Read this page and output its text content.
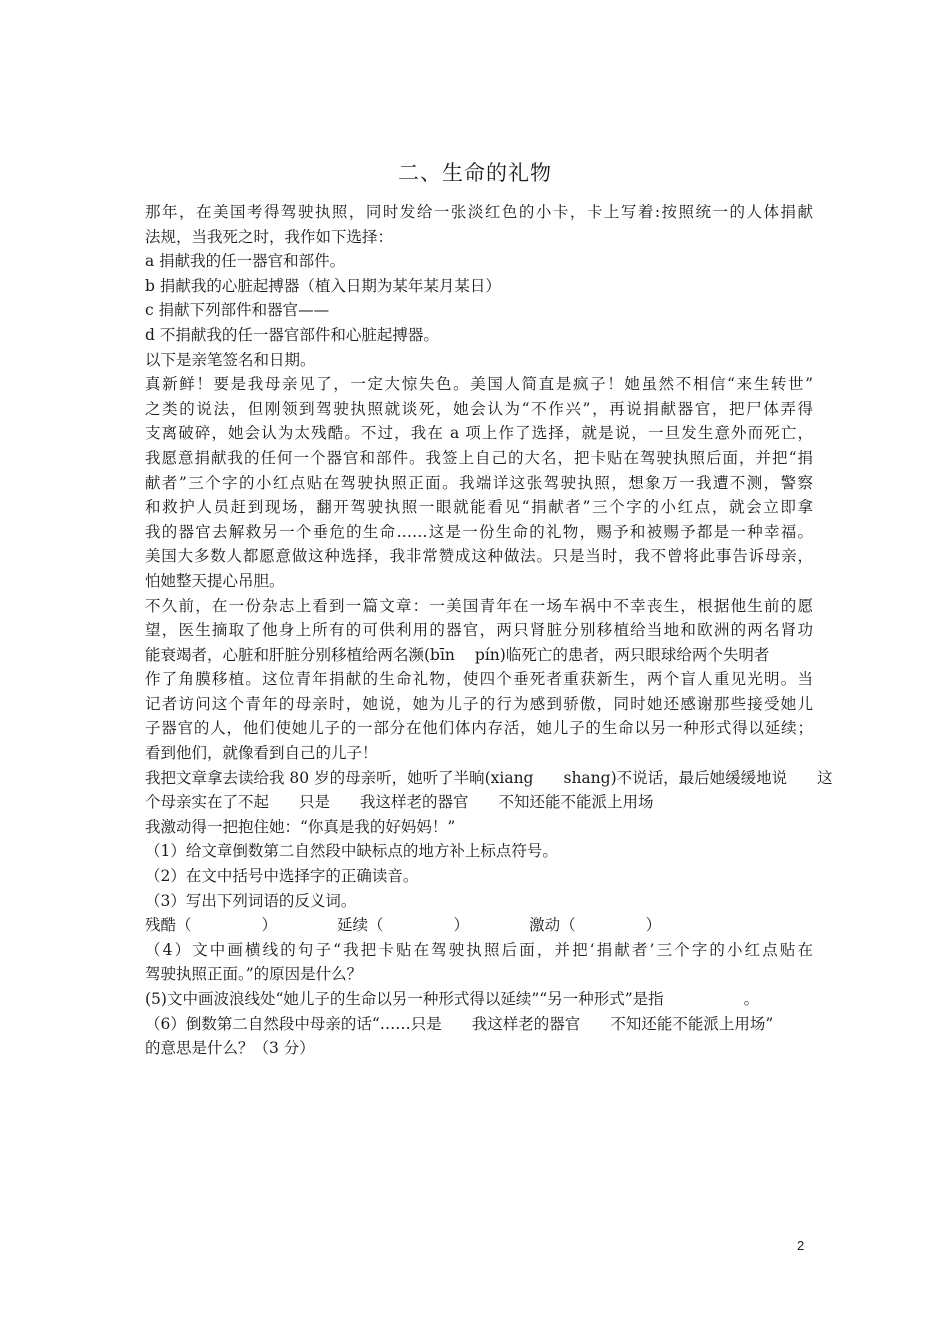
二、生命的礼物
那年，在美国考得驾驶执照，同时发给一张淡红色的小卡，卡上写着:按照统一的人体捐献
法规，当我死之时，我作如下选择：
a 捐献我的任一器官和部件。
b 捐献我的心脏起搏器（植入日期为某年某月某日）
c 捐献下列部件和器官——
d 不捐献我的任一器官部件和心脏起搏器。
以下是亲笔签名和日期。
真新鲜！要是我母亲见了，一定大惊失色。美国人简直是疯子！她虽然不相信“来生转世”
之类的说法，但刚领到驾驶执照就谈死，她会认为“不作兴”，再说捐献器官，把尸体弄得
支离破碎，她会认为太残酷。不过，我在 a 项上作了选择，就是说，一旦发生意外而死亡，
我愿意捐献我的任何一个器官和部件。我签上自己的大名，把卡贴在驾驶执照后面，并把“捐
献者”三个字的小红点贴在驾驶执照正面。我端详这张驾驶执照，想象万一我遭不测，警察
和救护人员赶到现场，翻开驾驶执照一眼就能看见“捐献者”三个字的小红点，就会立即拿
我的器官去解救另一个垂危的生命……这是一份生命的礼物，赐予和被赐予都是一种幸福。
美国大多数人都愿意做这种选择，我非常赞成这种做法。只是当时，我不曾将此事告诉母亲，
怕她整天提心吊胆。
不久前，在一份杂志上看到一篇文章：一美国青年在一场车祸中不幸丧生，根据他生前的愿
望，医生摘取了他身上所有的可供利用的器官，两只肾脏分别移植给当地和欧洲的两名肾功
能衰竭者，心脏和肝脏分别移植给两名濒(bīn pín)临死亡的患者，两只眼球给两个失明者
作了角膜移植。这位青年捐献的生命礼物，使四个垂死者重获新生，两个盲人重见光明。当
记者访问这个青年的母亲时，她说，她为儿子的行为感到骄傲，同时她还感谢那些接受她儿
子器官的人，他们使她儿子的一部分在他们体内存活，她儿子的生命以另一种形式得以延续；
看到他们，就像看到自己的儿子！
我把文章拿去读给我 80 岁的母亲听，她听了半晌(xiang shang)不说话，最后她缓缓地说 这
个母亲实在了不起 只是 我这样老的器官 不知还能不能派上用场
我激动得一把抱住她：“你真是我的好妈妈！”
（1）给文章倒数第二自然段中缺标点的地方补上标点符号。
（2）在文中括号中选择字的正确读音。
（3）写出下列词语的反义词。
残酷（	）	延续（	）	激动（	）
（4）文中画横线的句子“我把卡贴在驾驶执照后面，并把‘捐献者’三个字的小红点贴在
驾驶执照正面。”的原因是什么？
(5)文中画波浪线处“她儿子的生命以另一种形式得以延续”“另一种形式”是指	。
（6）倒数第二自然段中母亲的话“……只是 我这样老的器官 不知还能不能派上用场”
的意思是什么？（3 分）
2
